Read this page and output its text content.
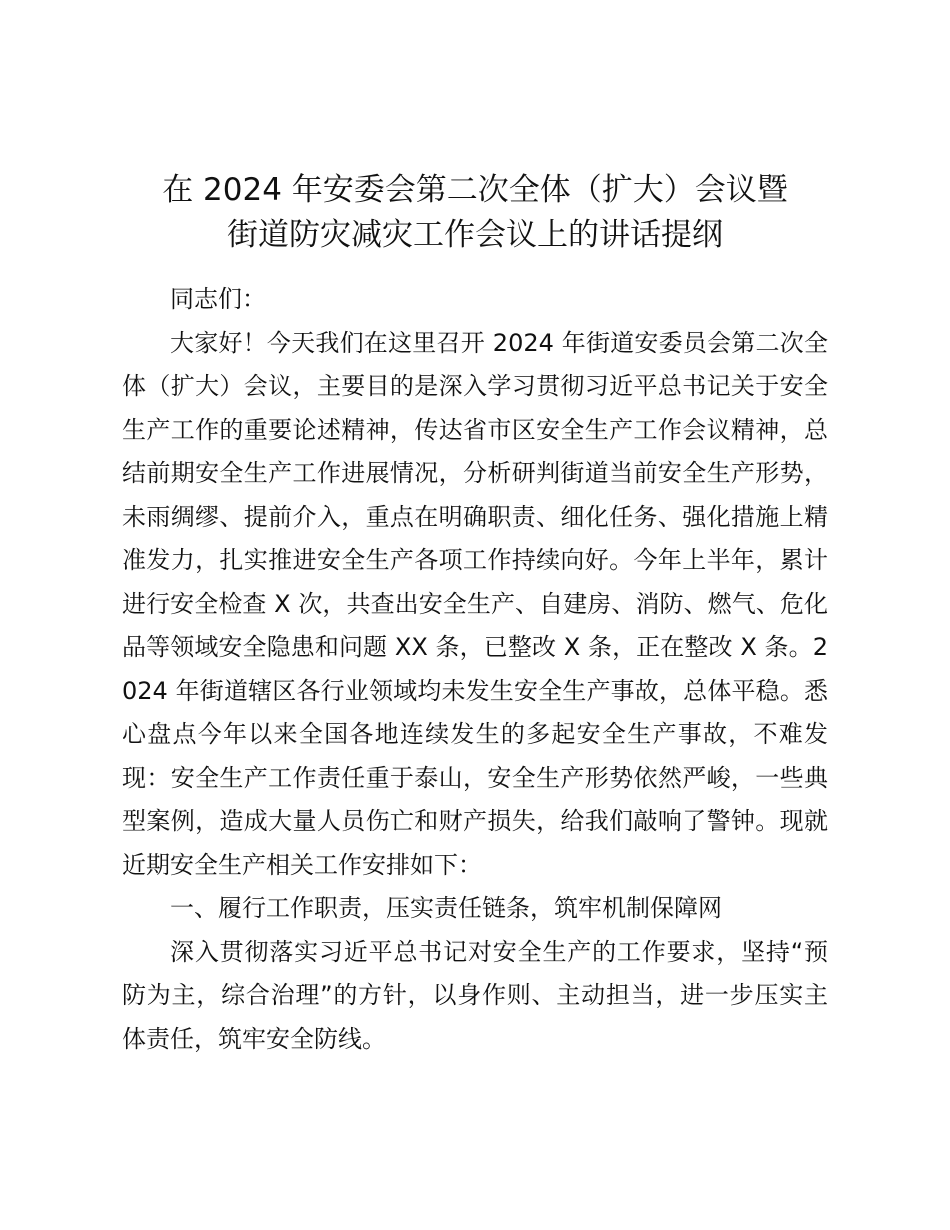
在 2024 年安委会第二次全体（扩大）会议暨
街道防灾减灾工作会议上的讲话提纲

同志们：

大家好！今天我们在这里召开 2024 年街道安委员会第二次全体（扩大）会议，主要目的是深入学习贯彻习近平总书记关于安全生产工作的重要论述精神，传达省市区安全生产工作会议精神，总结前期安全生产工作进展情况，分析研判街道当前安全生产形势，未雨绸缪、提前介入，重点在明确职责、细化任务、强化措施上精准发力，扎实推进安全生产各项工作持续向好。今年上半年，累计进行安全检查 X 次，共查出安全生产、自建房、消防、燃气、危化品等领域安全隐患和问题 XX 条，已整改 X 条，正在整改 X 条。2024 年街道辖区各行业领域均未发生安全生产事故，总体平稳。悉心盘点今年以来全国各地连续发生的多起安全生产事故，不难发现：安全生产工作责任重于泰山，安全生产形势依然严峻，一些典型案例，造成大量人员伤亡和财产损失，给我们敲响了警钟。现就近期安全生产相关工作安排如下：

一、履行工作职责，压实责任链条，筑牢机制保障网

深入贯彻落实习近平总书记对安全生产的工作要求，坚持“预防为主，综合治理”的方针，以身作则、主动担当，进一步压实主体责任，筑牢安全防线。
